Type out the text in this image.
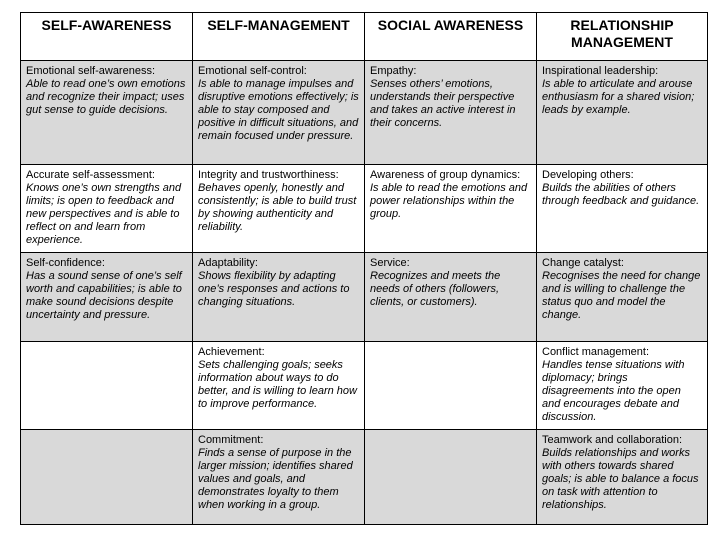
SELF-AWARENESS	SELF-MANAGEMENT	SOCIAL AWARENESS	RELATIONSHIP MANAGEMENT

Emotional self-awareness:
Able to read one’s own emotions and recognize their impact; uses gut sense to guide decisions.	Emotional self-control:
Is able to manage impulses and disruptive emotions effectively; is able to stay composed and positive in difficult situations, and remain focused under pressure.	Empathy:
Senses others’ emotions, understands their perspective and takes an active interest in their concerns.	Inspirational leadership:
Is able to articulate and arouse enthusiasm for a shared vision; leads by example.

Accurate self-assessment:
Knows one’s own strengths and limits; is open to feedback and new perspectives and is able to reflect on and learn from experience.	Integrity and trustworthiness:
Behaves openly, honestly and consistently; is able to build trust by showing authenticity and reliability.	Awareness of group dynamics:
Is able to read the emotions and power relationships within the group.	Developing others:
Builds the abilities of others through feedback and guidance.

Self-confidence:
Has a sound sense of one’s self worth and capabilities; is able to make sound decisions despite uncertainty and pressure.	Adaptability:
Shows flexibility by adapting one’s responses and actions to changing situations.	Service:
Recognizes and meets the needs of others (followers, clients, or customers).	Change catalyst:
Recognises the need for change and is willing to challenge the status quo and model the change.

	Achievement:
Sets challenging goals; seeks information about ways to do better, and is willing to learn how to improve performance.		Conflict management:
Handles tense situations with diplomacy; brings disagreements into the open and encourages debate and discussion.

	Commitment:
Finds a sense of purpose in the larger mission; identifies shared values and goals, and demonstrates loyalty to them when working in a group.		Teamwork and collaboration:
Builds relationships and works with others towards shared goals; is able to balance a focus on task with attention to relationships.
